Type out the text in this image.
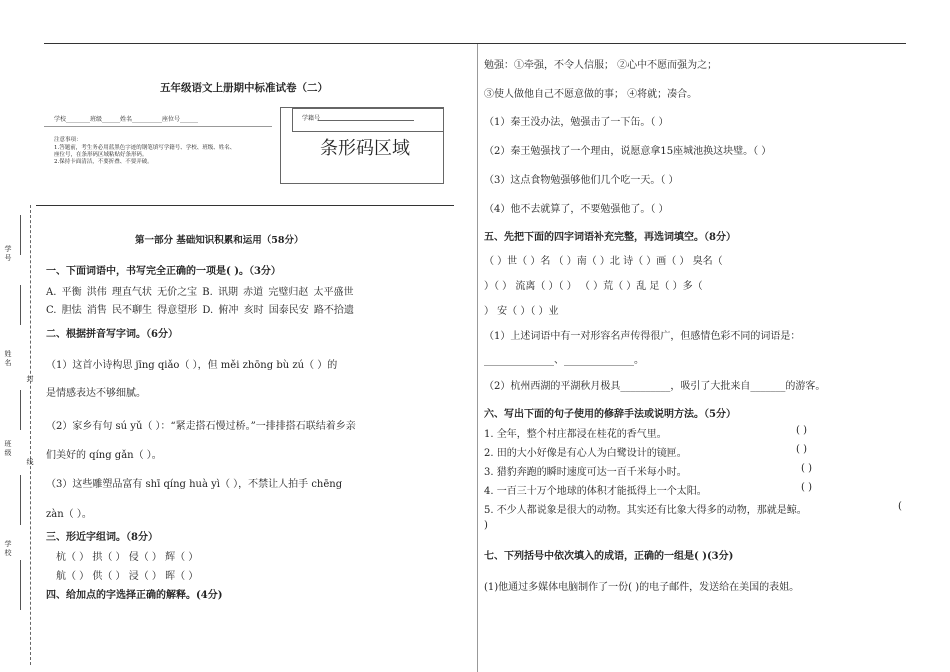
学号
姓名
封
班级
线
学校
五年级语文上册期中标准试卷（二）
学校________班级______姓名__________座位号______
注意事项：
1.答题前，考生务必用蓝黑色字迹的钢笔填写学籍号、学校、班级、姓名、
座位号，在条形码区域粘贴好条形码。
2.保持卡面清洁，不要折叠、不要弄破。
学籍号
条形码区域
第一部分 基础知识积累和运用（58分）
一、下面词语中，书写完全正确的一项是( )。（3分）
A. 平衡 洪伟 理直气状 无价之宝 B. 讯期 赤道 完璧归赵 太平盛世
C. 胆怯 消售 民不聊生 得意望形 D. 俯冲 亥时 国泰民安 路不拾遗
二、根据拼音写字词。（6分）
（1）这首小诗构思 jīng qiǎo（ ），但 měi zhōng bù zú（ ）的
是情感表达不够细腻。
（2）家乡有句 sú yǔ（ ）：“紧走搭石慢过桥。”一排排搭石联结着乡亲
们美好的 qíng gǎn（ ）。
（3）这些雕塑品富有 shī qíng huà yì（ ），不禁让人拍手 chēng
zàn（ ）。
三、形近字组词。（8分）
杭（ ） 拱（ ） 侵（ ） 辉（ ）
航（ ） 供（ ） 浸（ ） 晖（ ）
四、给加点的字选择正确的解释。(4分)
勉强：①牵强，不令人信服； ②心中不愿而强为之；
③使人做他自己不愿意做的事； ④将就；凑合。
（1）秦王没办法，勉强击了一下缶。（ ）
（2）秦王勉强找了一个理由，说愿意拿15座城池换这块璧。（ ）
（3）这点食物勉强够他们几个吃一天。（ ）
（4）他不去就算了，不要勉强他了。（ ）
五、先把下面的四字词语补充完整，再选词填空。（8分）
（ ）世（ ）名 （ ）南（ ）北 诗（ ）画（ ） 臭名（
）（ ） 流离（ ）（ ） （ ）荒（ ）乱 足（ ）多（
） 安（ ）（ ）业
（1）上述词语中有一对形容名声传得很广，但感情色彩不同的词语是：
______________、______________。
（2）杭州西湖的平湖秋月极具__________，吸引了大批来自_______的游客。
六、写出下面的句子使用的修辞手法或说明方法。（5分）
1. 全年，整个村庄都浸在桂花的香气里。	( )
2. 田的大小好像是有心人为白鹭设计的镜匣。	( )
3. 猎豹奔跑的瞬时速度可达一百千米每小时。	( )
4. 一百三十万个地球的体积才能抵得上一个太阳。	( )
5. 不少人都说象是很大的动物。其实还有比象大得多的动物，那就是鲸。	(
)
七、下列括号中依次填入的成语，正确的一组是( )(3分)
(1)他通过多媒体电脑制作了一份( )的电子邮件，发送给在美国的表姐。
